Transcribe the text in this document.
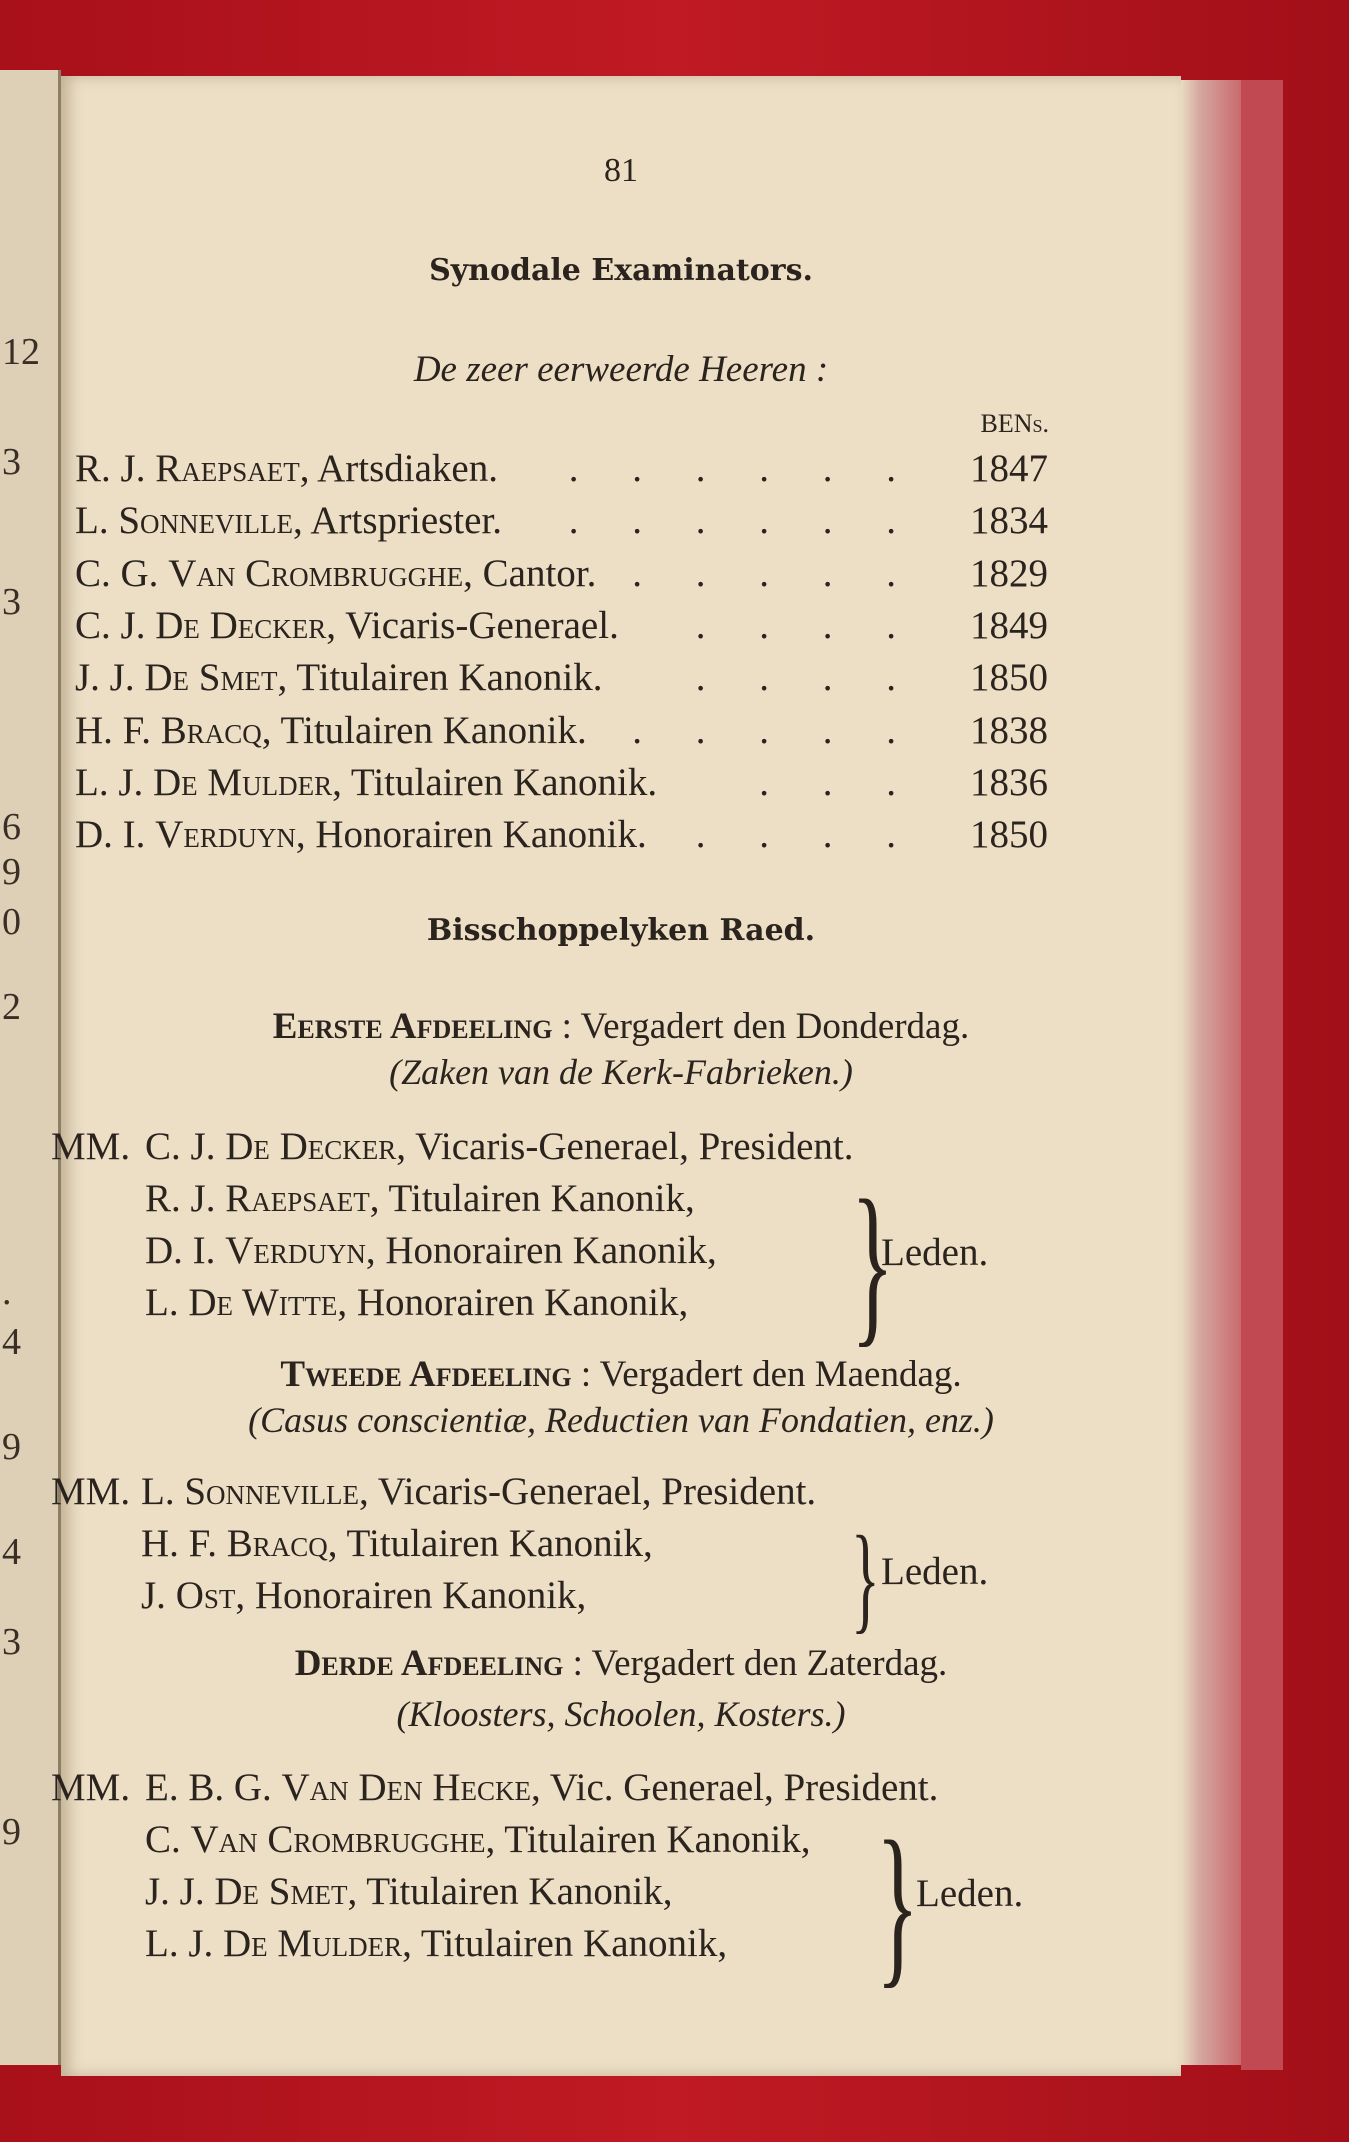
12
3
3
6
9
0
2
.
4
9
4
3
9
81
Synodale Examinators.
De zeer eerweerde Heeren :
BENs.
R. J. Raepsaet, Artsdiaken. . . . . . . 1847
L. Sonneville, Artspriester. . . . . . . 1834
C. G. Van Crombrugghe, Cantor. . . . . . 1829
C. J. De Decker, Vicaris-Generael. . . . . 1849
J. J. De Smet, Titulairen Kanonik. . . . . 1850
H. F. Bracq, Titulairen Kanonik. . . . . . 1838
L. J. De Mulder, Titulairen Kanonik.	. . . 1836
D. I. Verduyn, Honorairen Kanonik. . . . . 1850
Bisschoppelyken Raed.
Eerste Afdeeling : Vergadert den Donderdag.
(Zaken van de Kerk-Fabrieken.)
MM. C. J. De Decker, Vicaris-Generael, President.
R. J. Raepsaet, Titulairen Kanonik,
D. I. Verduyn, Honorairen Kanonik,
L. De Witte, Honorairen Kanonik, }
Leden.
Tweede Afdeeling : Vergadert den Maendag.
(Casus conscientiæ, Reductien van Fondatien, enz.)
MM. L. Sonneville, Vicaris-Generael, President.
H. F. Bracq, Titulairen Kanonik,
J. Ost, Honorairen Kanonik, } Leden.
Derde Afdeeling : Vergadert den Zaterdag.
(Kloosters, Schoolen, Kosters.)
MM. E. B. G. Van Den Hecke, Vic. Generael, President.
C. Van Crombrugghe, Titulairen Kanonik,
J. J. De Smet, Titulairen Kanonik,
L. J. De Mulder, Titulairen Kanonik, }
Leden.
